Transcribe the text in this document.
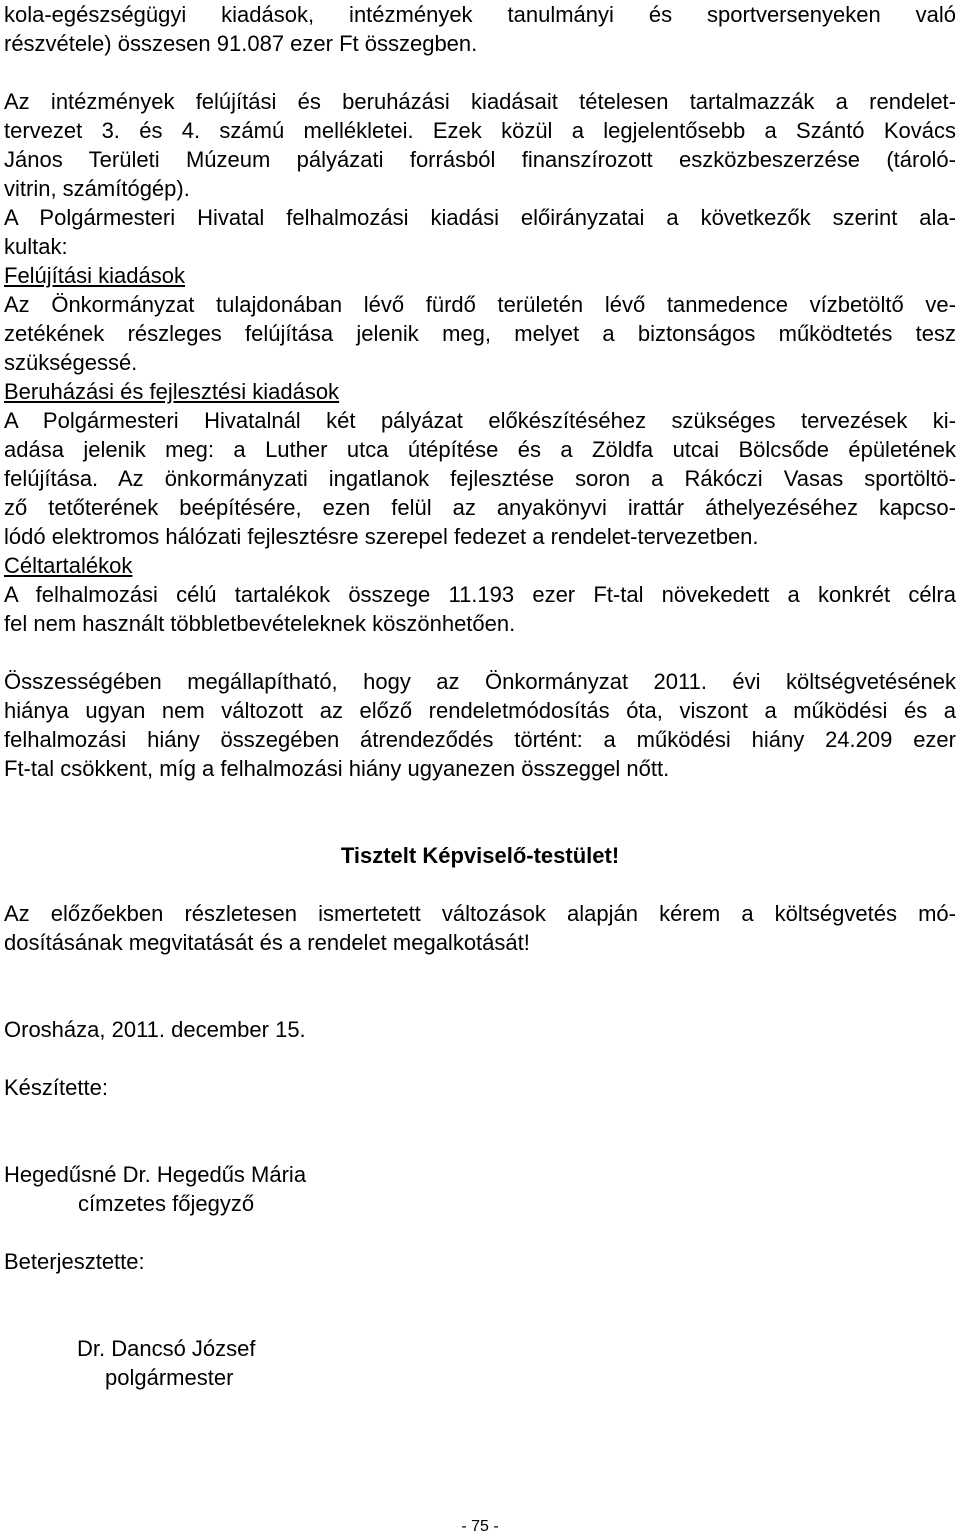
kola-egészségügyi kiadások, intézmények tanulmányi és sportversenyeken való
részvétele) összesen 91.087 ezer Ft összegben.
Az intézmények felújítási és beruházási kiadásait tételesen tartalmazzák a rendelet-
tervezet 3. és 4. számú mellékletei. Ezek közül a legjelentősebb a Szántó Kovács
János Területi Múzeum pályázati forrásból finanszírozott eszközbeszerzése (tároló-
vitrin, számítógép).
A Polgármesteri Hivatal felhalmozási kiadási előirányzatai a következők szerint ala-
kultak:
Felújítási kiadások
Az Önkormányzat tulajdonában lévő fürdő területén lévő tanmedence vízbetöltő ve-
zetékének részleges felújítása jelenik meg, melyet a biztonságos működtetés tesz
szükségessé.
Beruházási és fejlesztési kiadások
A Polgármesteri Hivatalnál két pályázat előkészítéséhez szükséges tervezések ki-
adása jelenik meg: a Luther utca útépítése és a Zöldfa utcai Bölcsőde épületének
felújítása. Az önkormányzati ingatlanok fejlesztése soron a Rákóczi Vasas sportöltö-
ző tetőterének beépítésére, ezen felül az anyakönyvi irattár áthelyezéséhez kapcso-
lódó elektromos hálózati fejlesztésre szerepel fedezet a rendelet-tervezetben.
Céltartalékok
A felhalmozási célú tartalékok összege 11.193 ezer Ft-tal növekedett a konkrét célra
fel nem használt többletbevételeknek köszönhetően.
Összességében megállapítható, hogy az Önkormányzat 2011. évi költségvetésének
hiánya ugyan nem változott az előző rendeletmódosítás óta, viszont a működési és a
felhalmozási hiány összegében átrendeződés történt: a működési hiány 24.209 ezer
Ft-tal csökkent, míg a felhalmozási hiány ugyanezen összeggel nőtt.
Tisztelt Képviselő-testület!
Az előzőekben részletesen ismertetett változások alapján kérem a költségvetés mó-
dosításának megvitatását és a rendelet megalkotását!
Orosháza, 2011. december 15.
Készítette:
Hegedűsné Dr. Hegedűs Mária
címzetes főjegyző
Beterjesztette:
Dr. Dancsó József
polgármester
- 75 -
